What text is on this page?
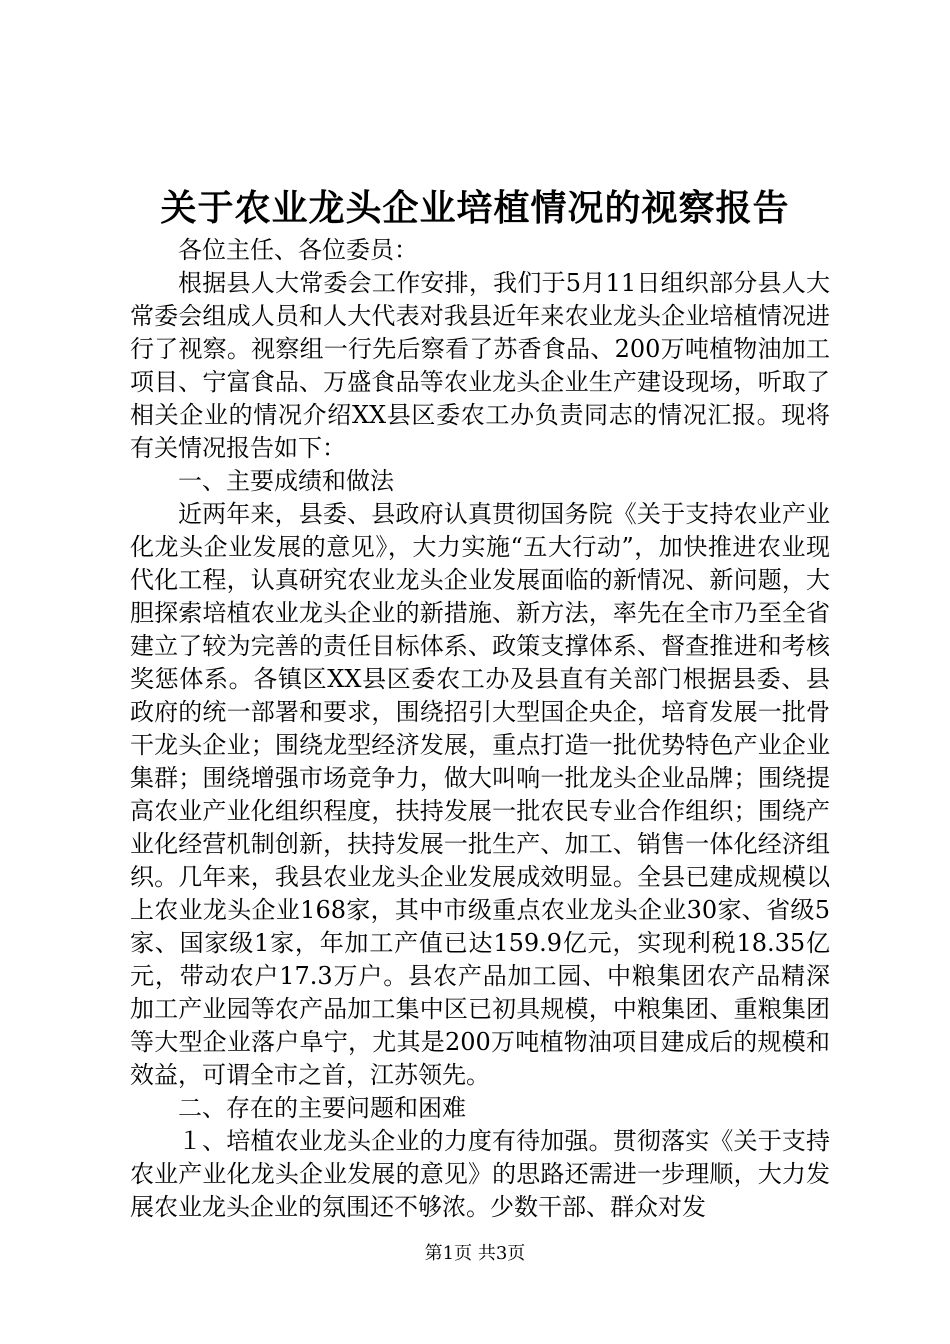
关于农业龙头企业培植情况的视察报告

各位主任、各位委员：

根据县人大常委会工作安排，我们于5月11日组织部分县人大常委会组成人员和人大代表对我县近年来农业龙头企业培植情况进行了视察。视察组一行先后察看了苏香食品、200万吨植物油加工项目、宁富食品、万盛食品等农业龙头企业生产建设现场，听取了相关企业的情况介绍XX县区委农工办负责同志的情况汇报。现将有关情况报告如下：

一、主要成绩和做法

近两年来，县委、县政府认真贯彻国务院《关于支持农业产业化龙头企业发展的意见》，大力实施“五大行动”，加快推进农业现代化工程，认真研究农业龙头企业发展面临的新情况、新问题，大胆探索培植农业龙头企业的新措施、新方法，率先在全市乃至全省建立了较为完善的责任目标体系、政策支撑体系、督查推进和考核奖惩体系。各镇区XX县区委农工办及县直有关部门根据县委、县政府的统一部署和要求，围绕招引大型国企央企，培育发展一批骨干龙头企业；围绕龙型经济发展，重点打造一批优势特色产业企业集群；围绕增强市场竞争力，做大叫响一批龙头企业品牌；围绕提高农业产业化组织程度，扶持发展一批农民专业合作组织；围绕产业化经营机制创新，扶持发展一批生产、加工、销售一体化经济组织。几年来，我县农业龙头企业发展成效明显。全县已建成规模以上农业龙头企业168家，其中市级重点农业龙头企业30家、省级5家、国家级1家，年加工产值已达159.9亿元，实现利税18.35亿元，带动农户17.3万户。县农产品加工园、中粮集团农产品精深加工产业园等农产品加工集中区已初具规模，中粮集团、重粮集团等大型企业落户阜宁，尤其是200万吨植物油项目建成后的规模和效益，可谓全市之首，江苏领先。

二、存在的主要问题和困难

１、培植农业龙头企业的力度有待加强。贯彻落实《关于支持农业产业化龙头企业发展的意见》的思路还需进一步理顺，大力发展农业龙头企业的氛围还不够浓。少数干部、群众对发

第1页 共3页
